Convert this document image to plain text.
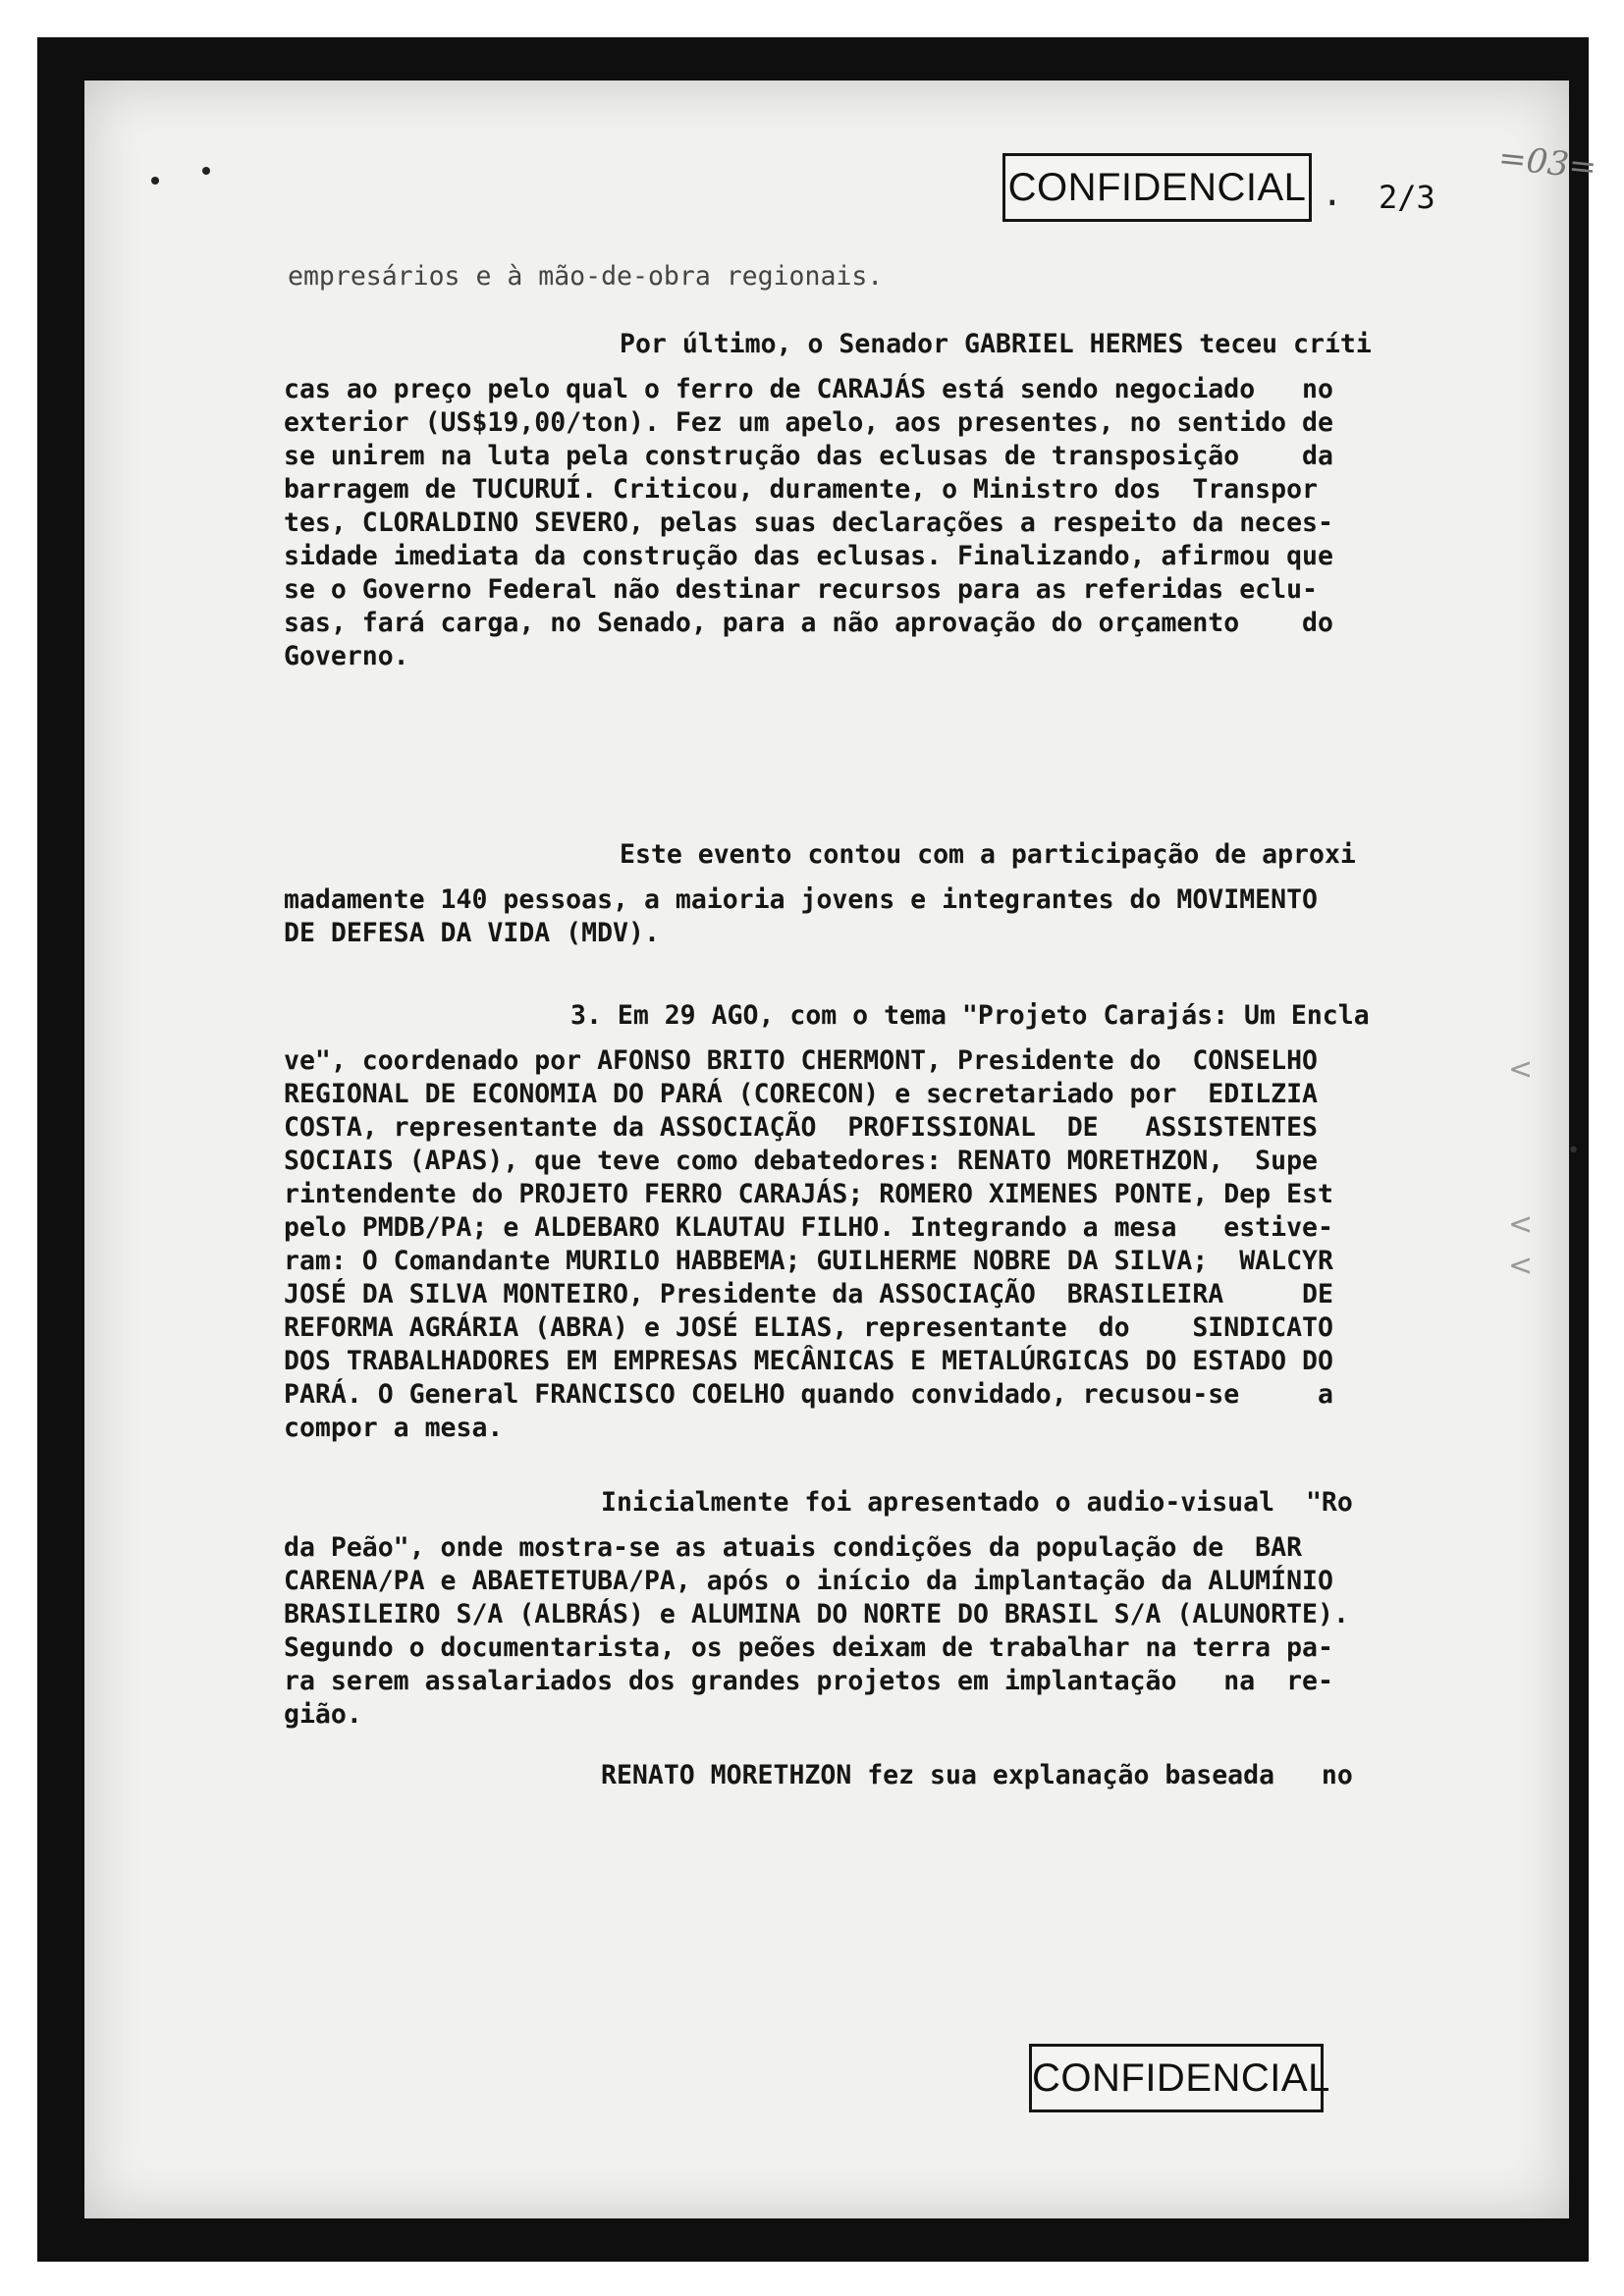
CONFIDENCIAL . 2/3
=03=
empresários e à mão-de-obra regionais.
Por último, o Senador GABRIEL HERMES teceu críti
cas ao preço pelo qual o ferro de CARAJÁS está sendo negociado   no
exterior (US$19,00/ton). Fez um apelo, aos presentes, no sentido de
se unirem na luta pela construção das eclusas de transposição    da
barragem de TUCURUÍ. Criticou, duramente, o Ministro dos  Transpor
tes, CLORALDINO SEVERO, pelas suas declarações a respeito da neces-
sidade imediata da construção das eclusas. Finalizando, afirmou que
se o Governo Federal não destinar recursos para as referidas eclu-
sas, fará carga, no Senado, para a não aprovação do orçamento    do
Governo.
Este evento contou com a participação de aproxi
madamente 140 pessoas, a maioria jovens e integrantes do MOVIMENTO
DE DEFESA DA VIDA (MDV).
3. Em 29 AGO, com o tema "Projeto Carajás: Um Encla
ve", coordenado por AFONSO BRITO CHERMONT, Presidente do  CONSELHO
REGIONAL DE ECONOMIA DO PARÁ (CORECON) e secretariado por  EDILZIA
COSTA, representante da ASSOCIAÇÃO  PROFISSIONAL  DE   ASSISTENTES
SOCIAIS (APAS), que teve como debatedores: RENATO MORETHZON,  Supe
rintendente do PROJETO FERRO CARAJÁS; ROMERO XIMENES PONTE, Dep Est
pelo PMDB/PA; e ALDEBARO KLAUTAU FILHO. Integrando a mesa   estive-
ram: O Comandante MURILO HABBEMA; GUILHERME NOBRE DA SILVA;  WALCYR
JOSÉ DA SILVA MONTEIRO, Presidente da ASSOCIAÇÃO  BRASILEIRA     DE
REFORMA AGRÁRIA (ABRA) e JOSÉ ELIAS, representante  do    SINDICATO
DOS TRABALHADORES EM EMPRESAS MECÂNICAS E METALÚRGICAS DO ESTADO DO
PARÁ. O General FRANCISCO COELHO quando convidado, recusou-se     a
compor a mesa.
Inicialmente foi apresentado o audio-visual  "Ro
da Peão", onde mostra-se as atuais condições da população de  BAR
CARENA/PA e ABAETETUBA/PA, após o início da implantação da ALUMÍNIO
BRASILEIRO S/A (ALBRÁS) e ALUMINA DO NORTE DO BRASIL S/A (ALUNORTE).
Segundo o documentarista, os peões deixam de trabalhar na terra pa-
ra serem assalariados dos grandes projetos em implantação   na  re-
gião.
RENATO MORETHZON fez sua explanação baseada   no
<
<
<
•
CONFIDENCIAL
